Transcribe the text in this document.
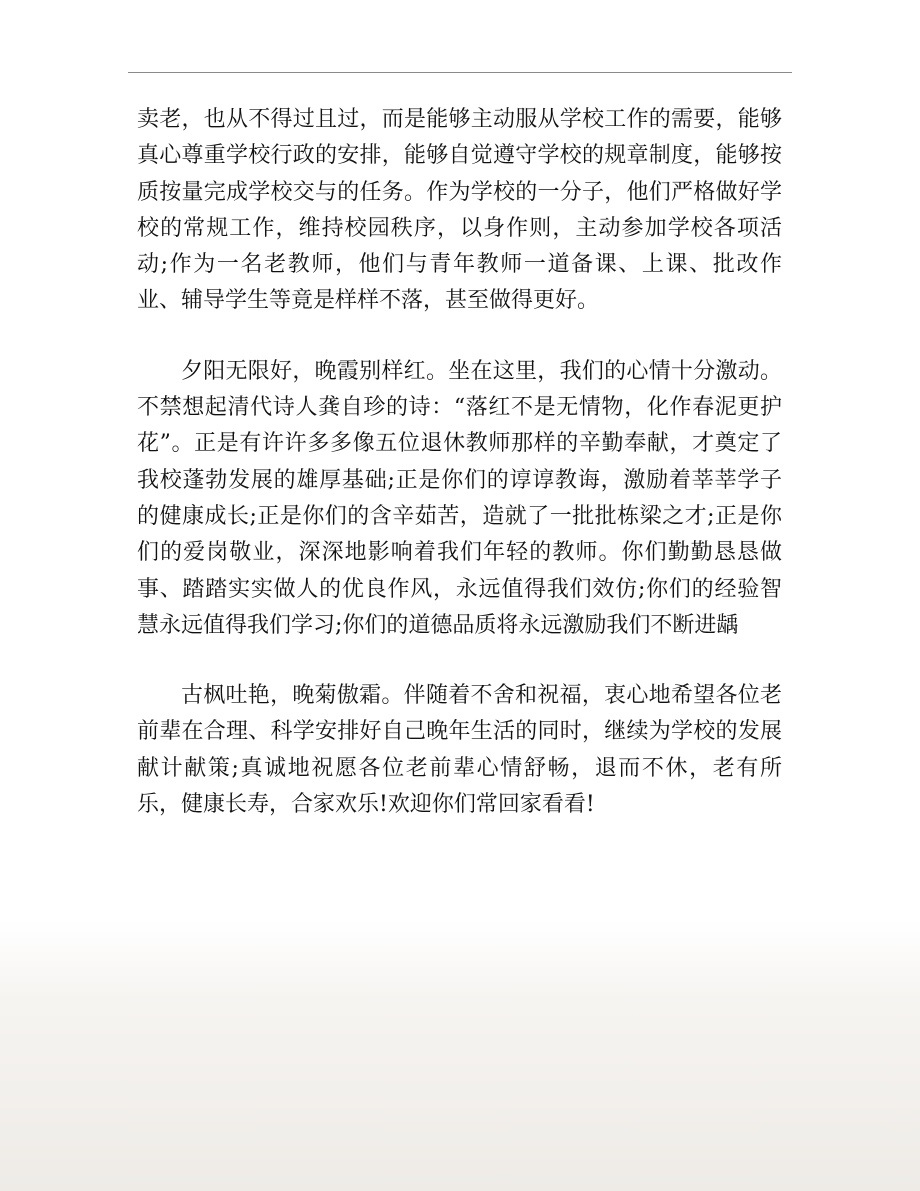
卖老，也从不得过且过，而是能够主动服从学校工作的需要，能够真心尊重学校行政的安排，能够自觉遵守学校的规章制度，能够按质按量完成学校交与的任务。作为学校的一分子，他们严格做好学校的常规工作，维持校园秩序，以身作则，主动参加学校各项活动;作为一名老教师，他们与青年教师一道备课、上课、批改作业、辅导学生等竟是样样不落，甚至做得更好。

夕阳无限好，晚霞别样红。坐在这里，我们的心情十分激动。不禁想起清代诗人龚自珍的诗：“落红不是无情物，化作春泥更护花”。正是有许许多多像五位退休教师那样的辛勤奉献，才奠定了我校蓬勃发展的雄厚基础;正是你们的谆谆教诲，激励着莘莘学子的健康成长;正是你们的含辛茹苦，造就了一批批栋梁之才;正是你们的爱岗敬业，深深地影响着我们年轻的教师。你们勤勤恳恳做事、踏踏实实做人的优良作风，永远值得我们效仿;你们的经验智慧永远值得我们学习;你们的道德品质将永远激励我们不断进龋

古枫吐艳，晚菊傲霜。伴随着不舍和祝福，衷心地希望各位老前辈在合理、科学安排好自己晚年生活的同时，继续为学校的发展献计献策;真诚地祝愿各位老前辈心情舒畅，退而不休，老有所乐，健康长寿，合家欢乐!欢迎你们常回家看看!
